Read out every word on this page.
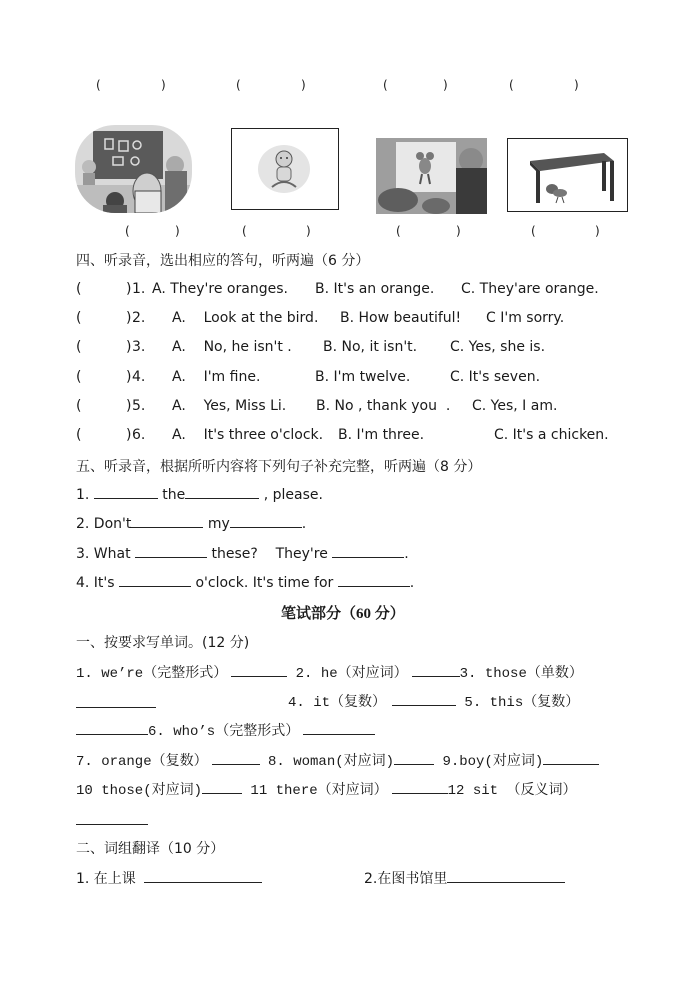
(	)	(	)	(	)	(	)
(	)	(	)	(	)	(	)
四、听录音，选出相应的答句，听两遍（6 分）
(          ) 1. A. They're oranges. B. It's an orange. C. They'are orange.
(          ) 2. A.    Look at the bird. B. How beautiful! C I'm sorry.
(          ) 3. A.    No, he isn't . B. No, it isn't. C. Yes, she is.
(          ) 4. A.    I'm fine.	B. I'm twelve.	C. It's seven.
(          ) 5. A.    Yes, Miss Li. B. No , thank you  . C. Yes, I am.
(          ) 6. A.    It's three o'clock. B. I'm three.	C. It's a chicken.
五、听录音，根据所听内容将下列句子补充完整，听两遍（8 分）
1.	the	, please.
2. Don't	my	.
3. What	these?    They're	.
4. It's	o'clock. It's time for	.
笔试部分（60 分）
一、按要求写单词。(12 分)
1. we’re（完整形式）	2. he（对应词）	3. those（单数）
4. it（复数）	5. this（复数）
6. who’s（完整形式）
7. orange（复数）	8. woman(对应词)	9.boy(对应词)
10 those(对应词)	11 there（对应词）	12 sit （反义词）
二、词组翻译（10 分）
1. 在上课	2.在图书馆里
